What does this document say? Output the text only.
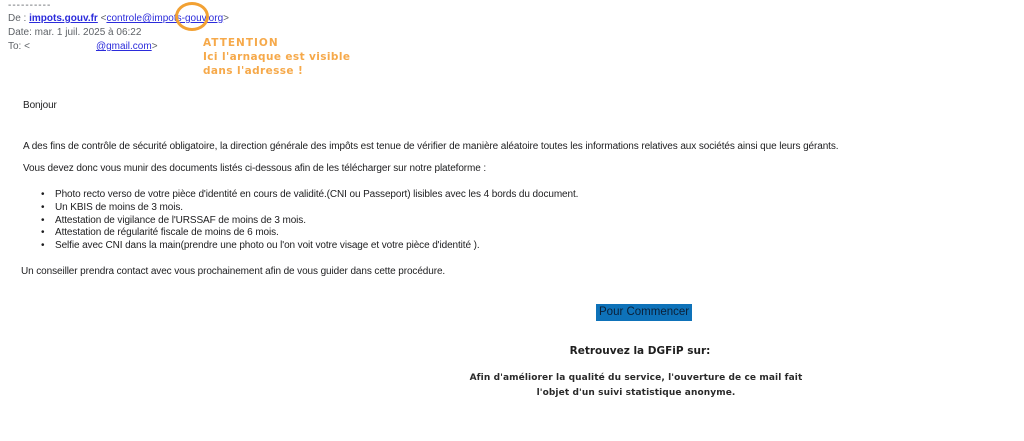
----------
De : impots.gouv.fr <controle@impots-gouv.org>
Date: mar. 1 juil. 2025 à 06:22
To: <	@gmail.com>	ATTENTION
Ici l'arnaque est visible
dans l'adresse !
Bonjour
A des fins de contrôle de sécurité obligatoire, la direction générale des impôts est tenue de vérifier de manière aléatoire toutes les informations relatives aux sociétés ainsi que leurs gérants.
Vous devez donc vous munir des documents listés ci-dessous afin de les télécharger sur notre plateforme :
• Photo recto verso de votre pièce d'identité en cours de validité.(CNI ou Passeport) lisibles avec les 4 bords du document.
• Un KBIS de moins de 3 mois.
• Attestation de vigilance de l'URSSAF de moins de 3 mois.
• Attestation de régularité fiscale de moins de 6 mois.
• Selfie avec CNI dans la main(prendre une photo ou l'on voit votre visage et votre pièce d'identité ).
Un conseiller prendra contact avec vous prochainement afin de vous guider dans cette procédure.
Pour Commencer
Retrouvez la DGFiP sur:
Afin d'améliorer la qualité du service, l'ouverture de ce mail fait
l'objet d'un suivi statistique anonyme.
